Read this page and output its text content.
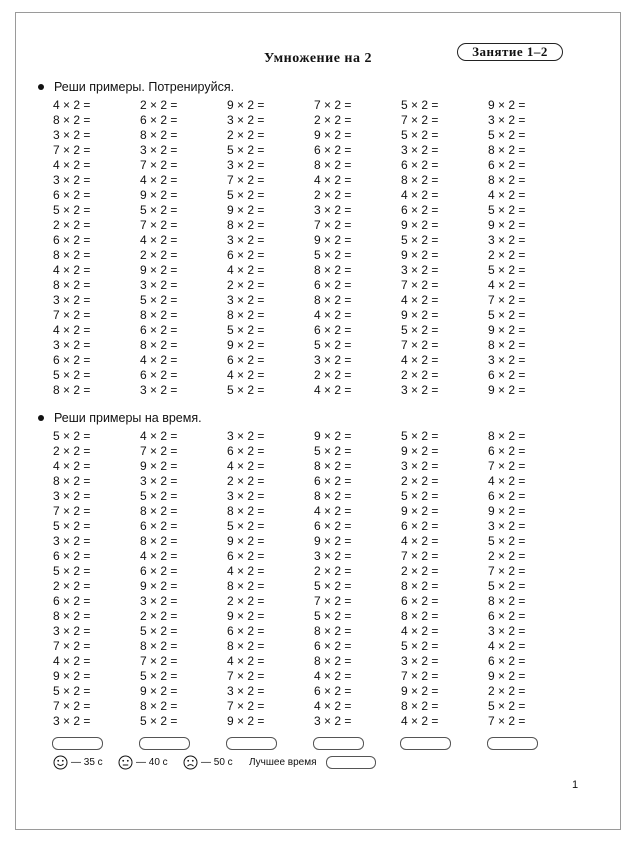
Умножение на 2	Занятие 1–2
Реши примеры. Потренируйся.
4 × 2 =	2 × 2 =	9 × 2 =	7 × 2 =	5 × 2 =	9 × 2 =
8 × 2 =	6 × 2 =	3 × 2 =	2 × 2 =	7 × 2 =	3 × 2 =
3 × 2 =	8 × 2 =	2 × 2 =	9 × 2 =	5 × 2 =	5 × 2 =
7 × 2 =	3 × 2 =	5 × 2 =	6 × 2 =	3 × 2 =	8 × 2 =
4 × 2 =	7 × 2 =	3 × 2 =	8 × 2 =	6 × 2 =	6 × 2 =
3 × 2 =	4 × 2 =	7 × 2 =	4 × 2 =	8 × 2 =	8 × 2 =
6 × 2 =	9 × 2 =	5 × 2 =	2 × 2 =	4 × 2 =	4 × 2 =
5 × 2 =	5 × 2 =	9 × 2 =	3 × 2 =	6 × 2 =	5 × 2 =
2 × 2 =	7 × 2 =	8 × 2 =	7 × 2 =	9 × 2 =	9 × 2 =
6 × 2 =	4 × 2 =	3 × 2 =	9 × 2 =	5 × 2 =	3 × 2 =
8 × 2 =	2 × 2 =	6 × 2 =	5 × 2 =	9 × 2 =	2 × 2 =
4 × 2 =	9 × 2 =	4 × 2 =	8 × 2 =	3 × 2 =	5 × 2 =
8 × 2 =	3 × 2 =	2 × 2 =	6 × 2 =	7 × 2 =	4 × 2 =
3 × 2 =	5 × 2 =	3 × 2 =	8 × 2 =	4 × 2 =	7 × 2 =
7 × 2 =	8 × 2 =	8 × 2 =	4 × 2 =	9 × 2 =	5 × 2 =
4 × 2 =	6 × 2 =	5 × 2 =	6 × 2 =	5 × 2 =	9 × 2 =
3 × 2 =	8 × 2 =	9 × 2 =	5 × 2 =	7 × 2 =	8 × 2 =
6 × 2 =	4 × 2 =	6 × 2 =	3 × 2 =	4 × 2 =	3 × 2 =
5 × 2 =	6 × 2 =	4 × 2 =	2 × 2 =	2 × 2 =	6 × 2 =
8 × 2 =	3 × 2 =	5 × 2 =	4 × 2 =	3 × 2 =	9 × 2 =
Реши примеры на время.
5 × 2 =	4 × 2 =	3 × 2 =	9 × 2 =	5 × 2 =	8 × 2 =
2 × 2 =	7 × 2 =	6 × 2 =	5 × 2 =	9 × 2 =	6 × 2 =
4 × 2 =	9 × 2 =	4 × 2 =	8 × 2 =	3 × 2 =	7 × 2 =
8 × 2 =	3 × 2 =	2 × 2 =	6 × 2 =	2 × 2 =	4 × 2 =
3 × 2 =	5 × 2 =	3 × 2 =	8 × 2 =	5 × 2 =	6 × 2 =
7 × 2 =	8 × 2 =	8 × 2 =	4 × 2 =	9 × 2 =	9 × 2 =
5 × 2 =	6 × 2 =	5 × 2 =	6 × 2 =	6 × 2 =	3 × 2 =
3 × 2 =	8 × 2 =	9 × 2 =	9 × 2 =	4 × 2 =	5 × 2 =
6 × 2 =	4 × 2 =	6 × 2 =	3 × 2 =	7 × 2 =	2 × 2 =
5 × 2 =	6 × 2 =	4 × 2 =	2 × 2 =	2 × 2 =	7 × 2 =
2 × 2 =	9 × 2 =	8 × 2 =	5 × 2 =	8 × 2 =	5 × 2 =
6 × 2 =	3 × 2 =	2 × 2 =	7 × 2 =	6 × 2 =	8 × 2 =
8 × 2 =	2 × 2 =	9 × 2 =	5 × 2 =	8 × 2 =	6 × 2 =
3 × 2 =	5 × 2 =	6 × 2 =	8 × 2 =	4 × 2 =	3 × 2 =
7 × 2 =	8 × 2 =	8 × 2 =	6 × 2 =	5 × 2 =	4 × 2 =
4 × 2 =	7 × 2 =	4 × 2 =	8 × 2 =	3 × 2 =	6 × 2 =
9 × 2 =	5 × 2 =	7 × 2 =	4 × 2 =	7 × 2 =	9 × 2 =
5 × 2 =	9 × 2 =	3 × 2 =	6 × 2 =	9 × 2 =	2 × 2 =
7 × 2 =	8 × 2 =	7 × 2 =	4 × 2 =	8 × 2 =	5 × 2 =
3 × 2 =	5 × 2 =	9 × 2 =	3 × 2 =	4 × 2 =	7 × 2 =
— 35 с	— 40 с	— 50 с Лучшее время
1
